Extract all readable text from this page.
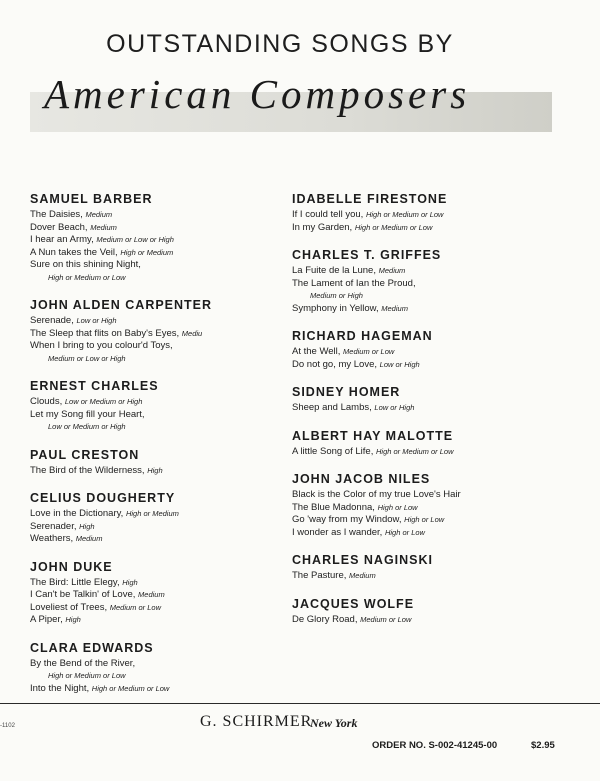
OUTSTANDING SONGS BY
American Composers
SAMUEL BARBER
The Daisies, Medium
Dover Beach, Medium
I hear an Army, Medium or Low or High
A Nun takes the Veil, High or Medium
Sure on this shining Night,
High or Medium or Low
JOHN ALDEN CARPENTER
Serenade, Low or High
The Sleep that flits on Baby's Eyes, Mediu
When I bring to you colour'd Toys,
Medium or Low or High
ERNEST CHARLES
Clouds, Low or Medium or High
Let my Song fill your Heart,
Low or Medium or High
PAUL CRESTON
The Bird of the Wilderness, High
CELIUS DOUGHERTY
Love in the Dictionary, High or Medium
Serenader, High
Weathers, Medium
JOHN DUKE
The Bird: Little Elegy, High
I Can't be Talkin' of Love, Medium
Loveliest of Trees, Medium or Low
A Piper, High
CLARA EDWARDS
By the Bend of the River,
High or Medium or Low
Into the Night, High or Medium or Low
IDABELLE FIRESTONE
If I could tell you, High or Medium or Low
In my Garden, High or Medium or Low
CHARLES T. GRIFFES
La Fuite de la Lune, Medium
The Lament of Ian the Proud,
Medium or High
Symphony in Yellow, Medium
RICHARD HAGEMAN
At the Well, Medium or Low
Do not go, my Love, Low or High
SIDNEY HOMER
Sheep and Lambs, Low or High
ALBERT HAY MALOTTE
A little Song of Life, High or Medium or Low
JOHN JACOB NILES
Black is the Color of my true Love's Hair
The Blue Madonna, High or Low
Go 'way from my Window, High or Low
I wonder as I wander, High or Low
CHARLES NAGINSKI
The Pasture, Medium
JACQUES WOLFE
De Glory Road, Medium or Low
-1102	G. SCHIRMER
New York
ORDER NO. S-002-41245-00	$2.95
